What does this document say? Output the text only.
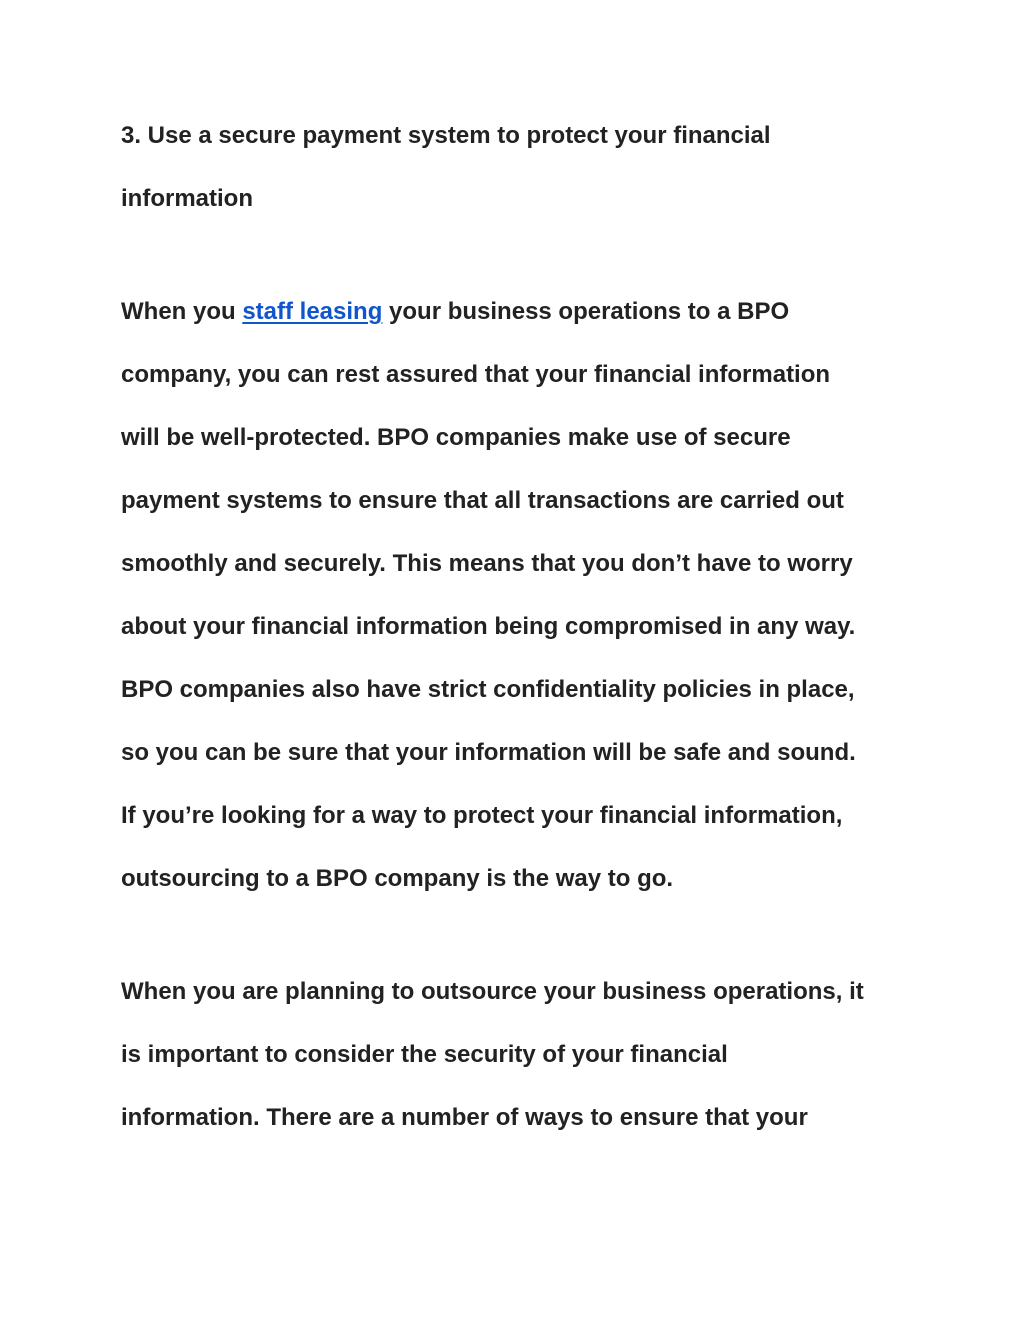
3. Use a secure payment system to protect your financial
information
When you staff leasing your business operations to a BPO
company, you can rest assured that your financial information
will be well-protected. BPO companies make use of secure
payment systems to ensure that all transactions are carried out
smoothly and securely. This means that you don’t have to worry
about your financial information being compromised in any way.
BPO companies also have strict confidentiality policies in place,
so you can be sure that your information will be safe and sound.
If you’re looking for a way to protect your financial information,
outsourcing to a BPO company is the way to go.
When you are planning to outsource your business operations, it
is important to consider the security of your financial
information. There are a number of ways to ensure that your
